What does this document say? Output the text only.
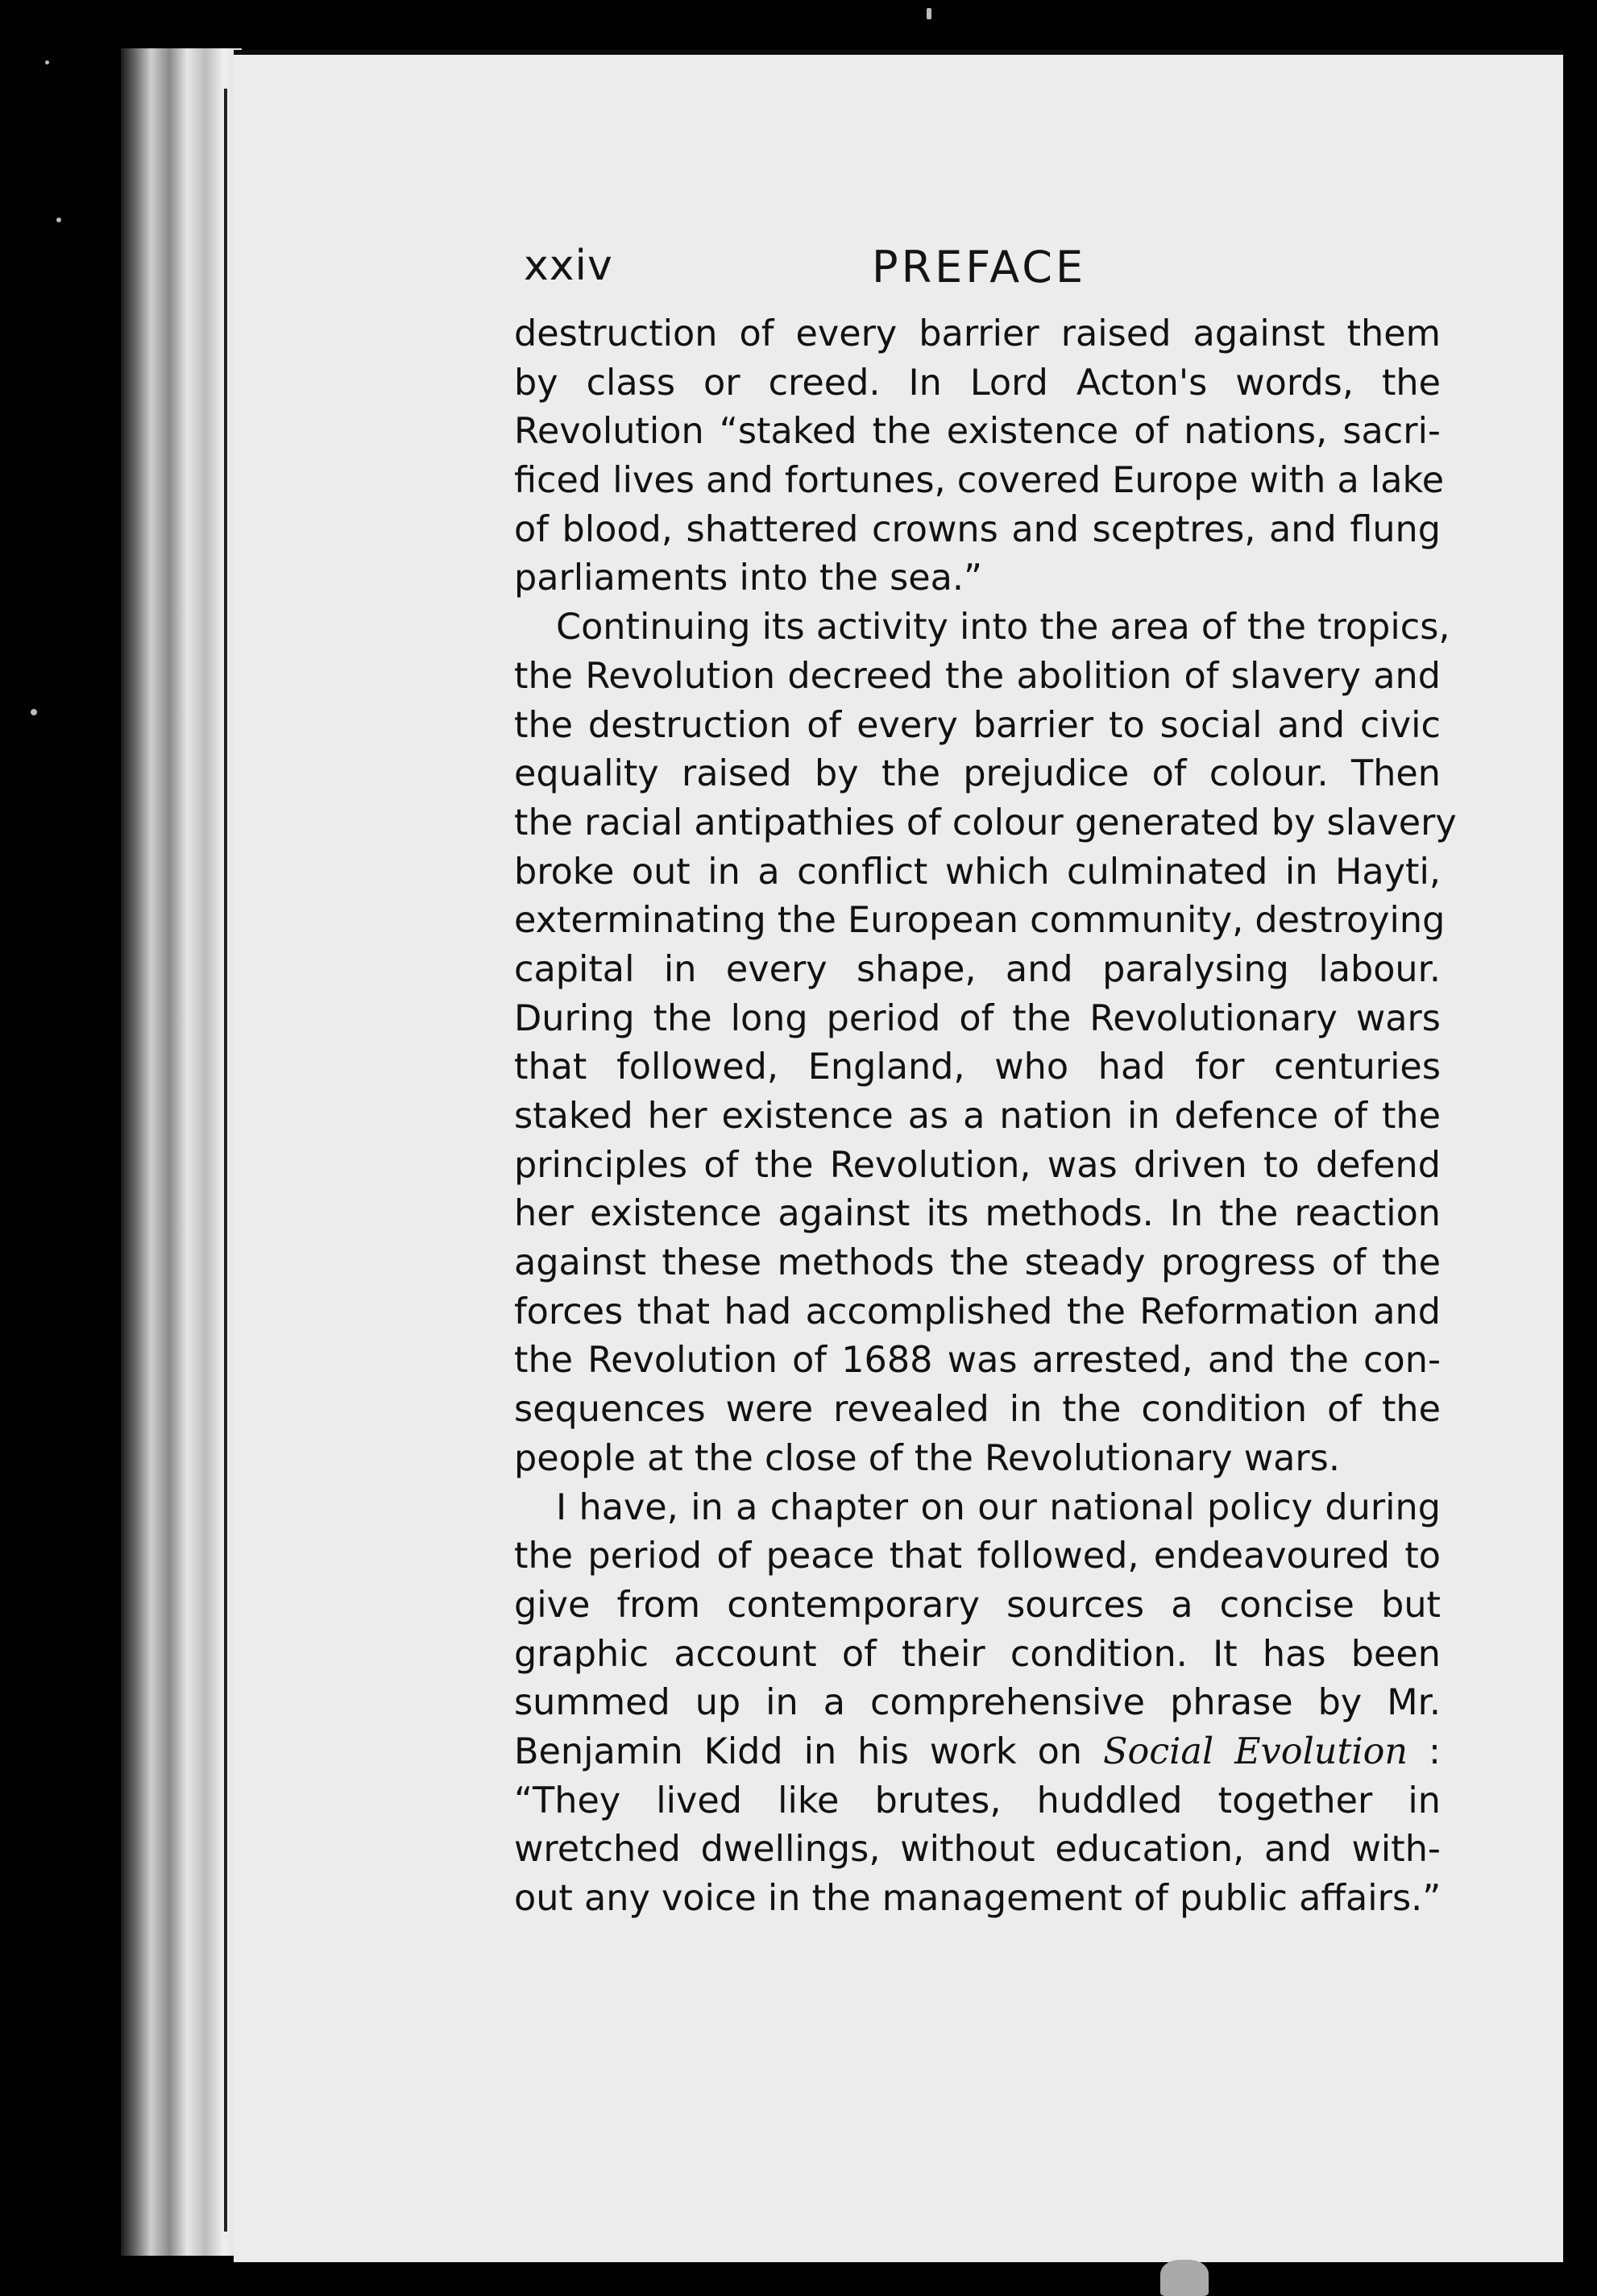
xxiv	PREFACE
destruction of every barrier raised against them
by class or creed. In Lord Acton's words, the
Revolution “staked the existence of nations, sacri-
ficed lives and fortunes, covered Europe with a lake
of blood, shattered crowns and sceptres, and flung
parliaments into the sea.”
Continuing its activity into the area of the tropics,
the Revolution decreed the abolition of slavery and
the destruction of every barrier to social and civic
equality raised by the prejudice of colour. Then
the racial antipathies of colour generated by slavery
broke out in a conflict which culminated in Hayti,
exterminating the European community, destroying
capital in every shape, and paralysing labour.
During the long period of the Revolutionary wars
that followed, England, who had for centuries
staked her existence as a nation in defence of the
principles of the Revolution, was driven to defend
her existence against its methods. In the reaction
against these methods the steady progress of the
forces that had accomplished the Reformation and
the Revolution of 1688 was arrested, and the con-
sequences were revealed in the condition of the
people at the close of the Revolutionary wars.
I have, in a chapter on our national policy during
the period of peace that followed, endeavoured to
give from contemporary sources a concise but
graphic account of their condition. It has been
summed up in a comprehensive phrase by Mr.
Benjamin Kidd in his work on Social Evolution :
“They lived like brutes, huddled together in
wretched dwellings, without education, and with-
out any voice in the management of public affairs.”
